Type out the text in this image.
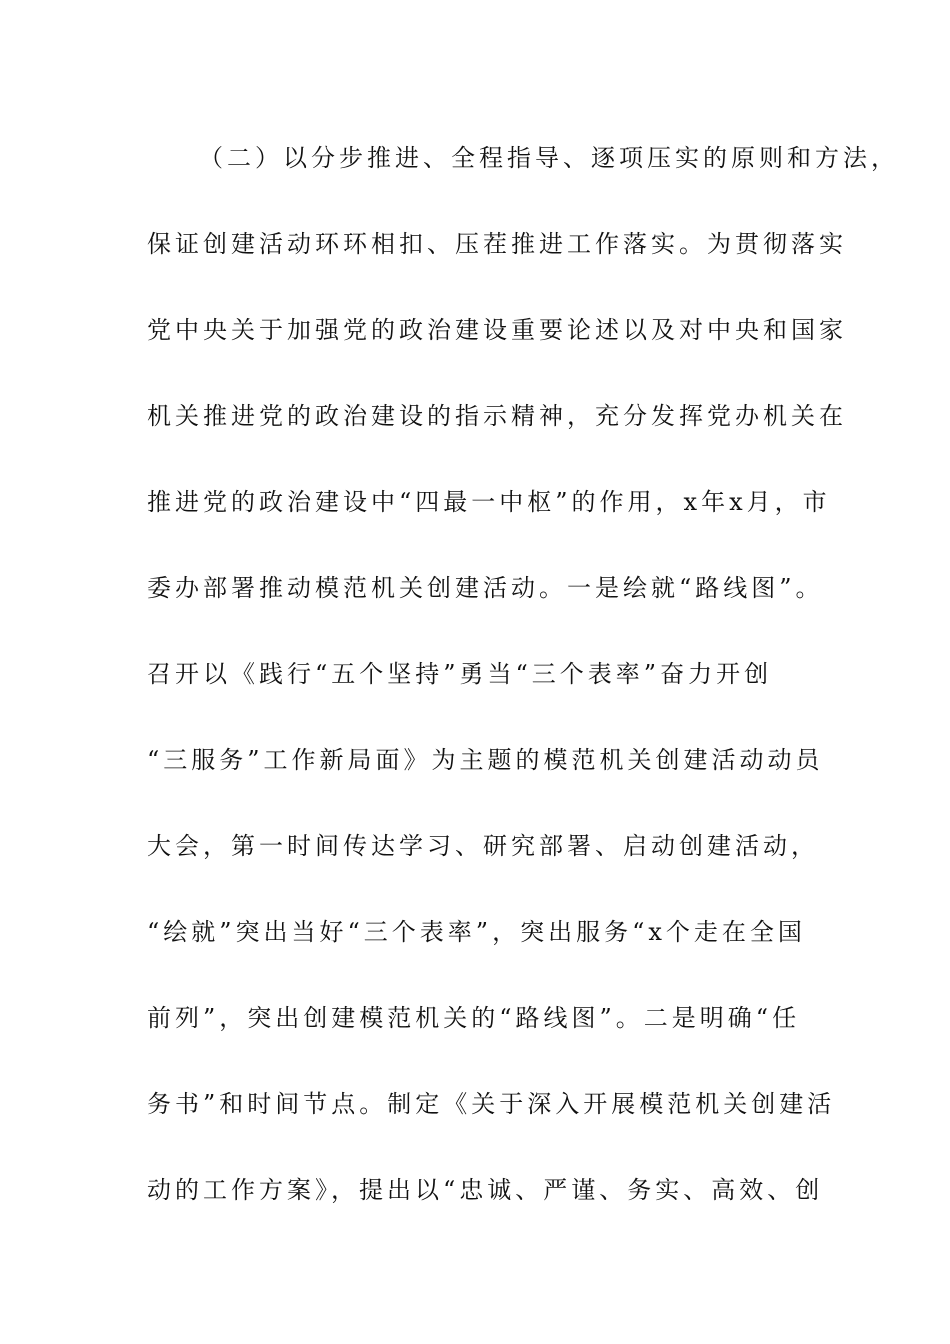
（二）以分步推进、全程指导、逐项压实的原则和方法，
保证创建活动环环相扣、压茬推进工作落实。为贯彻落实
党中央关于加强党的政治建设重要论述以及对中央和国家
机关推进党的政治建设的指示精神，充分发挥党办机关在
推进党的政治建设中“四最一中枢”的作用，x年x月，市
委办部署推动模范机关创建活动。一是绘就“路线图”。
召开以《践行“五个坚持”勇当“三个表率”奋力开创
“三服务”工作新局面》为主题的模范机关创建活动动员
大会，第一时间传达学习、研究部署、启动创建活动，
“绘就”突出当好“三个表率”，突出服务“x个走在全国
前列”，突出创建模范机关的“路线图”。二是明确“任
务书”和时间节点。制定《关于深入开展模范机关创建活
动的工作方案》，提出以“忠诚、严谨、务实、高效、创
